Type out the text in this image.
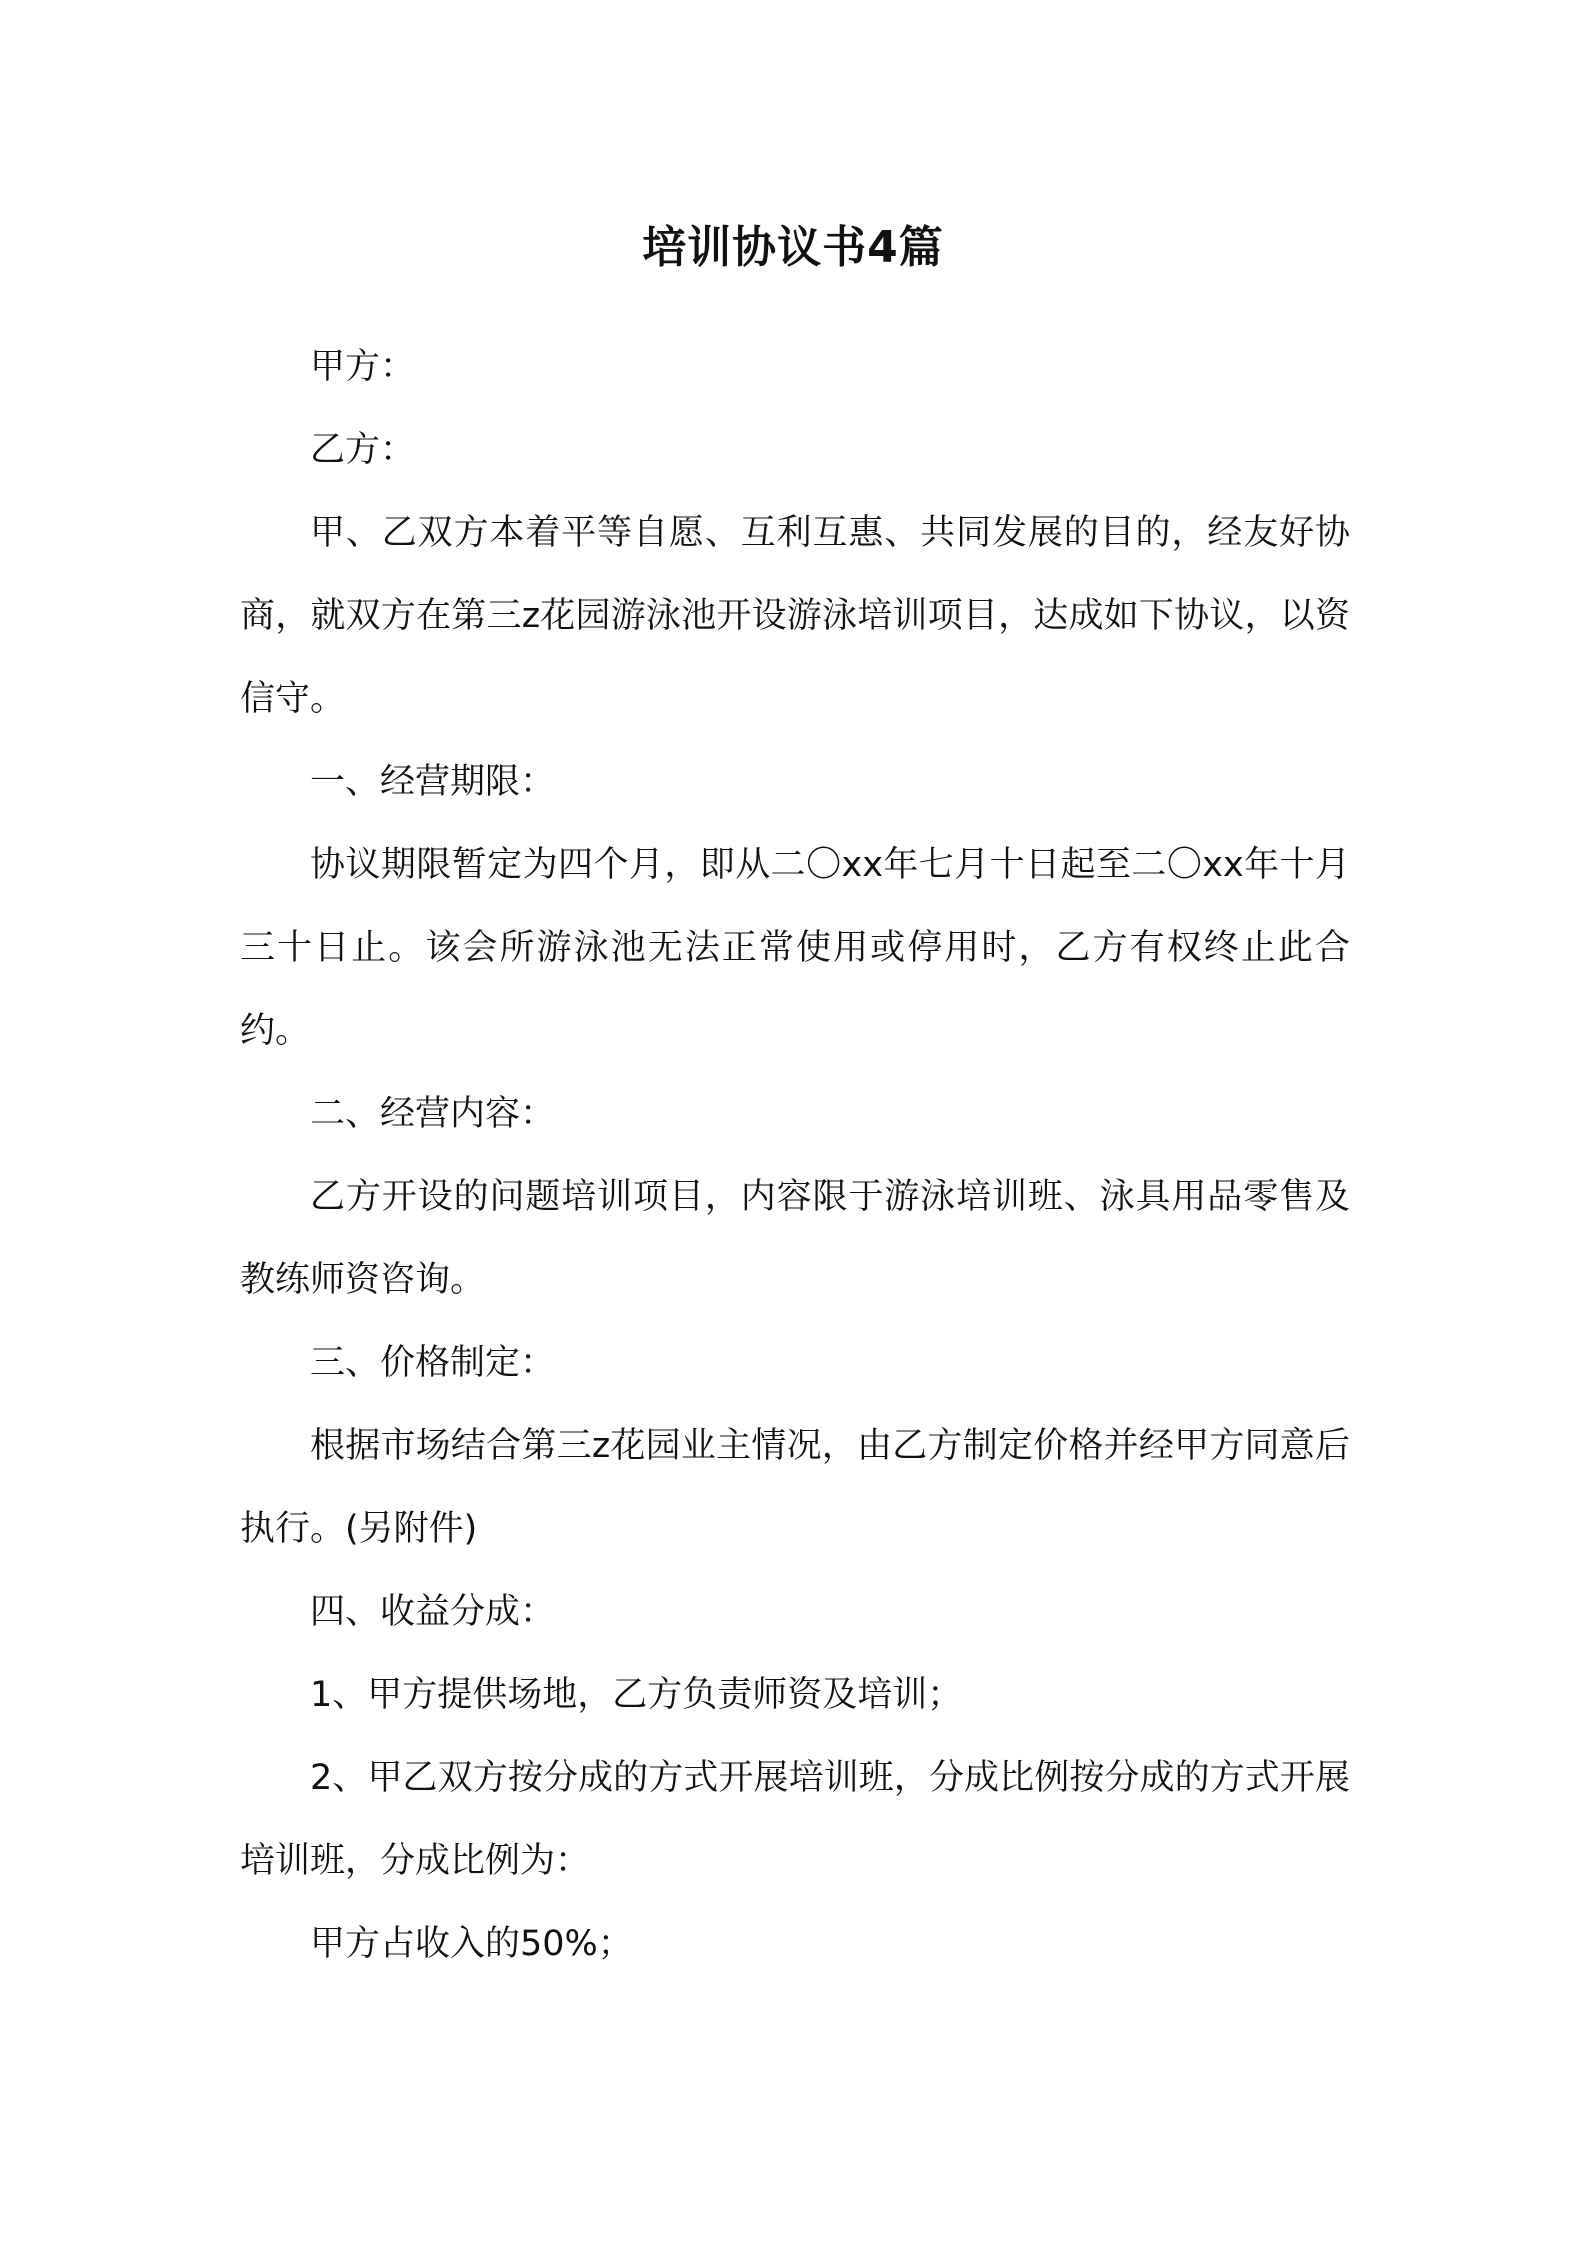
培训协议书4篇

甲方：

乙方：

甲、乙双方本着平等自愿、互利互惠、共同发展的目的，经友好协商，就双方在第三z花园游泳池开设游泳培训项目，达成如下协议，以资信守。

一、经营期限：

协议期限暂定为四个月，即从二〇xx年七月十日起至二〇xx年十月三十日止。该会所游泳池无法正常使用或停用时，乙方有权终止此合约。

二、经营内容：

乙方开设的问题培训项目，内容限于游泳培训班、泳具用品零售及教练师资咨询。

三、价格制定：

根据市场结合第三z花园业主情况，由乙方制定价格并经甲方同意后执行。(另附件)

四、收益分成：

1、甲方提供场地，乙方负责师资及培训；

2、甲乙双方按分成的方式开展培训班，分成比例按分成的方式开展培训班，分成比例为：

甲方占收入的50%；
